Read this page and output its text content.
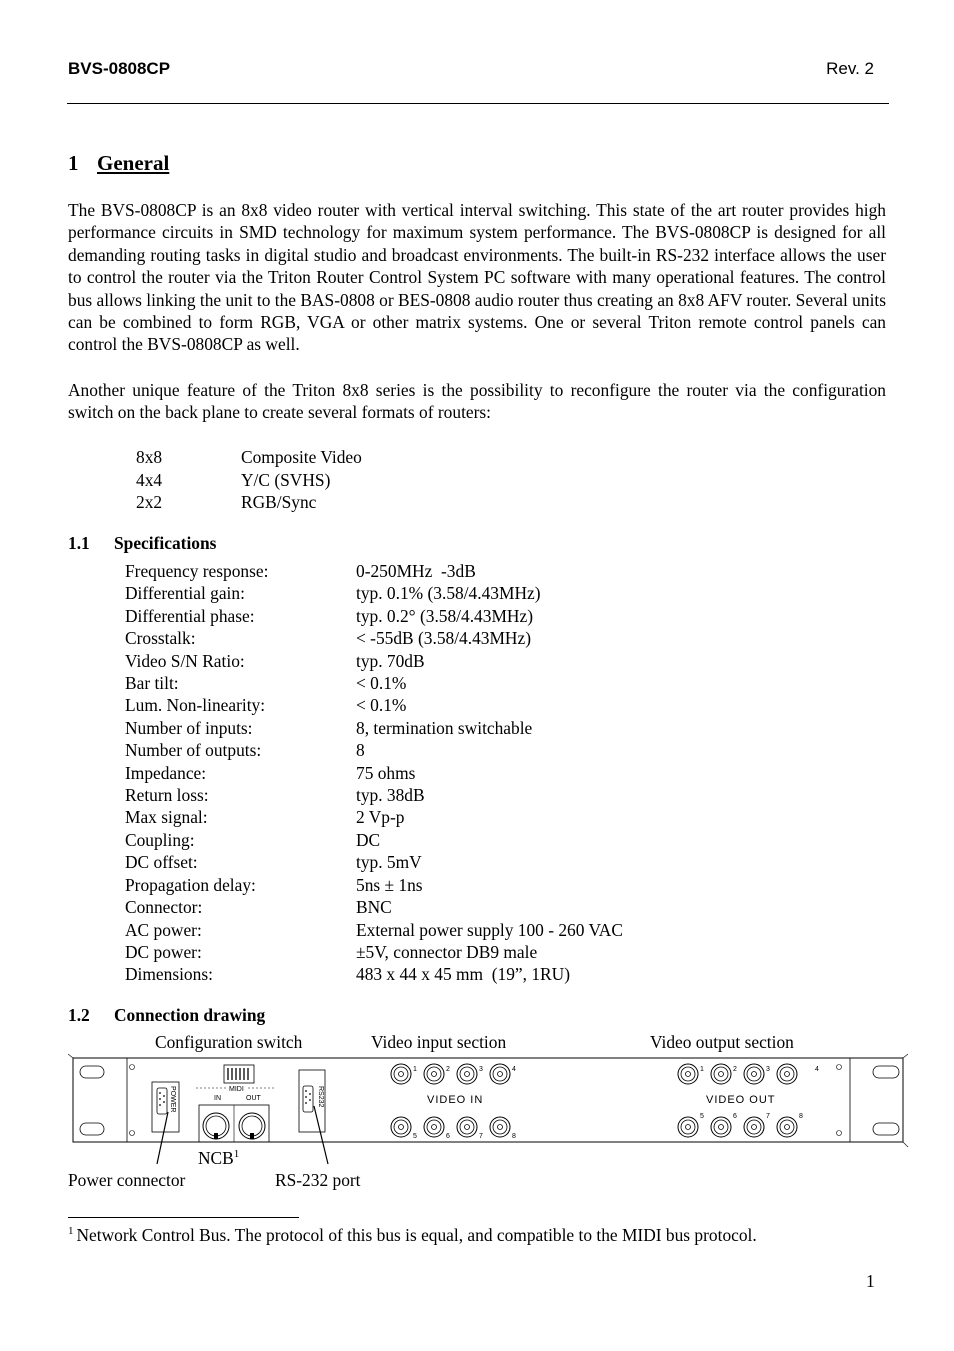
BVS-0808CP	Rev. 2
1 General

The BVS-0808CP is an 8x8 video router with vertical interval switching. This state of the art router provides high performance circuits in SMD technology for maximum system performance. The BVS-0808CP is designed for all demanding routing tasks in digital studio and broadcast environments. The built-in RS-232 interface allows the user to control the router via the Triton Router Control System PC software with many operational features. The control bus allows linking the unit to the BAS-0808 or BES-0808 audio router thus creating an 8x8 AFV router. Several units can be combined to form RGB, VGA or other matrix systems. One or several Triton remote control panels can control the BVS-0808CP as well.

Another unique feature of the Triton 8x8 series is the possibility to reconfigure the router via the configuration switch on the back plane to create several formats of routers:

8x8	Composite Video
4x4	Y/C (SVHS)
2x2	RGB/Sync
1.1 Specifications
Frequency response:	0-250MHz  -3dB
Differential gain:	typ. 0.1% (3.58/4.43MHz)
Differential phase:	typ. 0.2° (3.58/4.43MHz)
Crosstalk:	< -55dB (3.58/4.43MHz)
Video S/N Ratio:	typ. 70dB
Bar tilt:	< 0.1%
Lum. Non-linearity:	< 0.1%
Number of inputs:	8, termination switchable
Number of outputs:	8
Impedance:	75 ohms
Return loss:	typ. 38dB
Max signal:	2 Vp-p
Coupling:	DC
DC offset:	typ. 5mV
Propagation delay:	5ns ± 1ns
Connector:	BNC
AC power:	External power supply 100 - 260 VAC
DC power:	±5V, connector DB9 male
Dimensions:	483 x 44 x 45 mm  (19”, 1RU)
1.2 Connection drawing
Configuration switch	Video input section	Video output section
POWER	MIDI
IN	OUT	RS232
1	2	3	4
5	6	7	8
VIDEO IN
1	2	3	4
5	6	7	8
VIDEO OUT
NCB$^1$
Power connector	RS-232 port
$^1$ Network Control Bus. The protocol of this bus is equal, and compatible to the MIDI bus protocol.
1
